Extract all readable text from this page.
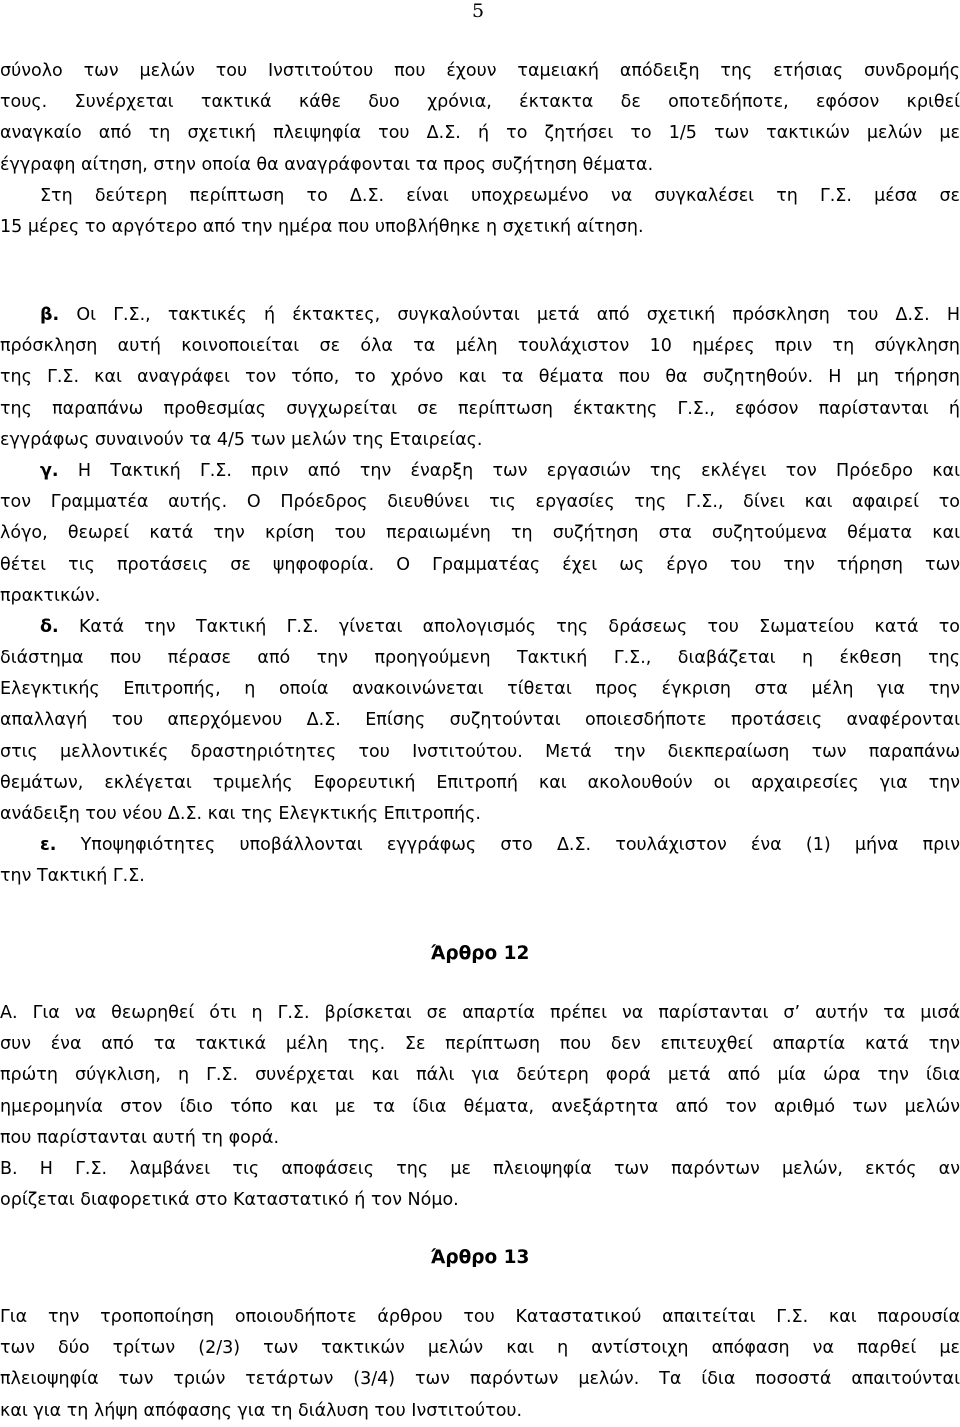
5
σύνολο των μελών του Ινστιτούτου που έχουν ταμειακή απόδειξη της ετήσιας συνδρομής
τους. Συνέρχεται τακτικά κάθε δυο χρόνια, έκτακτα δε οποτεδήποτε, εφόσον κριθεί
αναγκαίο από τη σχετική πλειψηφία του Δ.Σ. ή το ζητήσει το 1/5 των τακτικών μελών με
έγγραφη αίτηση, στην οποία θα αναγράφονται τα προς συζήτηση θέματα.
Στη δεύτερη περίπτωση το Δ.Σ. είναι υποχρεωμένο να συγκαλέσει τη Γ.Σ. μέσα σε
15 μέρες το αργότερο από την ημέρα που υποβλήθηκε η σχετική αίτηση.
β. Οι Γ.Σ., τακτικές ή έκτακτες, συγκαλούνται μετά από σχετική πρόσκληση του Δ.Σ. Η
πρόσκληση αυτή κοινοποιείται σε όλα τα μέλη τουλάχιστον 10 ημέρες πριν τη σύγκληση
της Γ.Σ. και αναγράφει τον τόπο, το χρόνο και τα θέματα που θα συζητηθούν. Η μη τήρηση
της παραπάνω προθεσμίας συγχωρείται σε περίπτωση έκτακτης Γ.Σ., εφόσον παρίστανται ή
εγγράφως συναινούν τα 4/5 των μελών της Εταιρείας.
γ. Η Τακτική Γ.Σ. πριν από την έναρξη των εργασιών της εκλέγει τον Πρόεδρο και
τον Γραμματέα αυτής. Ο Πρόεδρος διευθύνει τις εργασίες της Γ.Σ., δίνει και αφαιρεί το
λόγο, θεωρεί κατά την κρίση του περαιωμένη τη συζήτηση στα συζητούμενα θέματα και
θέτει τις προτάσεις σε ψηφοφορία. Ο Γραμματέας έχει ως έργο του την τήρηση των
πρακτικών.
δ. Κατά την Τακτική Γ.Σ. γίνεται απολογισμός της δράσεως του Σωματείου κατά το
διάστημα που πέρασε από την προηγούμενη Τακτική Γ.Σ., διαβάζεται η έκθεση της
Ελεγκτικής Επιτροπής, η οποία ανακοινώνεται τίθεται προς έγκριση στα μέλη για την
απαλλαγή του απερχόμενου Δ.Σ. Επίσης συζητούνται οποιεσδήποτε προτάσεις αναφέρονται
στις μελλοντικές δραστηριότητες του Ινστιτούτου. Μετά την διεκπεραίωση των παραπάνω
θεμάτων, εκλέγεται τριμελής Εφορευτική Επιτροπή και ακολουθούν οι αρχαιρεσίες για την
ανάδειξη του νέου Δ.Σ. και της Ελεγκτικής Επιτροπής.
ε. Υποψηφιότητες υποβάλλονται εγγράφως στο Δ.Σ. τουλάχιστον ένα (1) μήνα πριν
την Τακτική Γ.Σ.
Άρθρο 12
Α. Για να θεωρηθεί ότι η Γ.Σ. βρίσκεται σε απαρτία πρέπει να παρίστανται σ’ αυτήν τα μισά
συν ένα από τα τακτικά μέλη της. Σε περίπτωση που δεν επιτευχθεί απαρτία κατά την
πρώτη σύγκλιση, η Γ.Σ. συνέρχεται και πάλι για δεύτερη φορά μετά από μία ώρα την ίδια
ημερομηνία στον ίδιο τόπο και με τα ίδια θέματα, ανεξάρτητα από τον αριθμό των μελών
που παρίστανται αυτή τη φορά.
Β. Η Γ.Σ. λαμβάνει τις αποφάσεις της με πλειοψηφία των παρόντων μελών, εκτός αν
ορίζεται διαφορετικά στο Καταστατικό ή τον Νόμο.
Άρθρο 13
Για την τροποποίηση οποιουδήποτε άρθρου του Καταστατικού απαιτείται Γ.Σ. και παρουσία
των δύο τρίτων (2/3) των τακτικών μελών και η αντίστοιχη απόφαση να παρθεί με
πλειοψηφία των τριών τετάρτων (3/4) των παρόντων μελών. Τα ίδια ποσοστά απαιτούνται
και για τη λήψη απόφασης για τη διάλυση του Ινστιτούτου.
